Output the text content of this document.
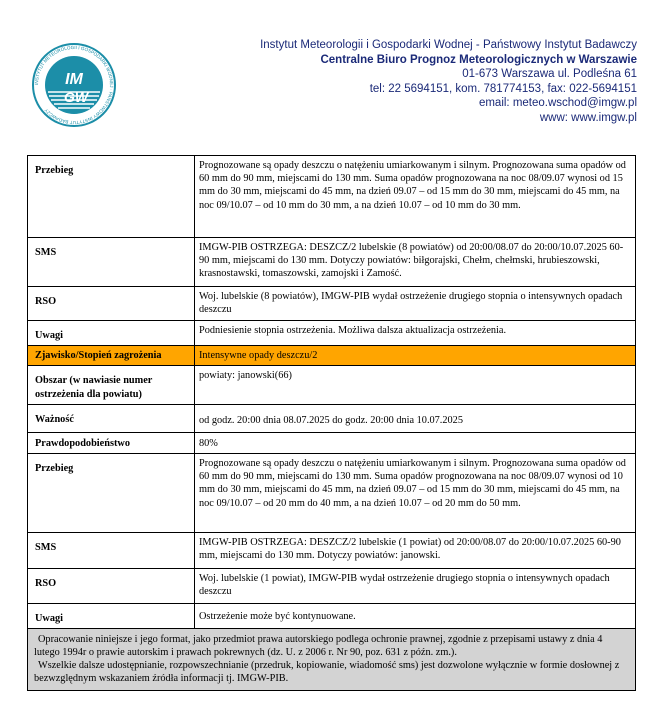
IM
GW
INSTYTUT METEOROLOGII I GOSPODARKI WODNEJ · PAŃSTWOWY INSTYTUT BADAWCZY
Instytut Meteorologii i Gospodarki Wodnej - Państwowy Instytut Badawczy
Centralne Biuro Prognoz Meteorologicznych w Warszawie
01-673 Warszawa ul. Podleśna 61
tel: 22 5694151, kom. 781774153, fax: 022-5694151
email: meteo.wschod@imgw.pl
www: www.imgw.pl
Przebieg	Prognozowane są opady deszczu o natężeniu umiarkowanym i silnym. Prognozowana suma opadów od 60 mm do 90 mm, miejscami do 130 mm. Suma opadów prognozowana na noc 08/09.07 wynosi od 15 mm do 30 mm, miejscami do 45 mm, na dzień 09.07 – od 15 mm do 30 mm, miejscami do 45 mm, na noc 09/10.07 – od 10 mm do 30 mm, a na dzień 10.07 – od 10 mm do 30 mm.
SMS	IMGW-PIB OSTRZEGA: DESZCZ/2 lubelskie (8 powiatów) od 20:00/08.07 do 20:00/10.07.2025 60-90 mm, miejscami do 130 mm. Dotyczy powiatów: biłgorajski, Chełm, chełmski, hrubieszowski, krasnostawski, tomaszowski, zamojski i Zamość.
RSO	Woj. lubelskie (8 powiatów), IMGW-PIB wydał ostrzeżenie drugiego stopnia o intensywnych opadach deszczu
Uwagi	Podniesienie stopnia ostrzeżenia. Możliwa dalsza aktualizacja ostrzeżenia.
Zjawisko/Stopień zagrożenia	Intensywne opady deszczu/2
Obszar (w nawiasie numer ostrzeżenia dla powiatu)	powiaty: janowski(66)
Ważność	od godz. 20:00 dnia 08.07.2025 do godz. 20:00 dnia 10.07.2025
Prawdopodobieństwo	80%
Przebieg	Prognozowane są opady deszczu o natężeniu umiarkowanym i silnym. Prognozowana suma opadów od 60 mm do 90 mm, miejscami do 130 mm. Suma opadów prognozowana na noc 08/09.07 wynosi od 10 mm do 30 mm, miejscami do 45 mm, na dzień 09.07 – od 15 mm do 30 mm, miejscami do 45 mm, na noc 09/10.07 – od 20 mm do 40 mm, a na dzień 10.07 – od 20 mm do 50 mm.
SMS	IMGW-PIB OSTRZEGA: DESZCZ/2 lubelskie (1 powiat) od 20:00/08.07 do 20:00/10.07.2025 60-90 mm, miejscami do 130 mm. Dotyczy powiatów: janowski.
RSO	Woj. lubelskie (1 powiat), IMGW-PIB wydał ostrzeżenie drugiego stopnia o intensywnych opadach deszczu
Uwagi	Ostrzeżenie może być kontynuowane.

Opracowanie niniejsze i jego format, jako przedmiot prawa autorskiego podlega ochronie prawnej, zgodnie z przepisami ustawy z dnia 4 lutego 1994r o prawie autorskim i prawach pokrewnych (dz. U. z 2006 r. Nr 90, poz. 631 z późn. zm.).

Wszelkie dalsze udostępnianie, rozpowszechnianie (przedruk, kopiowanie, wiadomość sms) jest dozwolone wyłącznie w formie dosłownej z bezwzględnym wskazaniem źródła informacji tj. IMGW-PIB.
